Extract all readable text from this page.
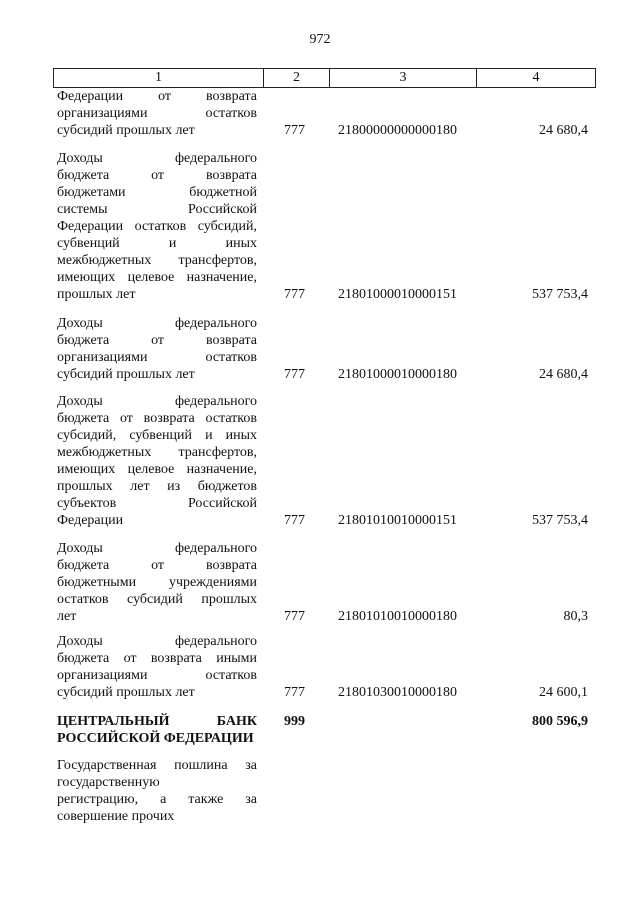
972
1	2	3	4
Федерации от возврата
организациями остатков
субсидий прошлых лет	777 21800000000000180	24 680,4
Доходы федерального
бюджета от возврата
бюджетами бюджетной
системы Российской
Федерации остатков субсидий,
субвенций и иных
межбюджетных трансфертов,
имеющих целевое назначение,
прошлых лет	777 21801000010000151	537 753,4
Доходы федерального
бюджета от возврата
организациями остатков
субсидий прошлых лет	777 21801000010000180	24 680,4
Доходы федерального
бюджета от возврата остатков
субсидий, субвенций и иных
межбюджетных трансфертов,
имеющих целевое назначение,
прошлых лет из бюджетов
субъектов Российской
Федерации	777 21801010010000151	537 753,4
Доходы федерального
бюджета от возврата
бюджетными учреждениями
остатков субсидий прошлых
лет	777 21801010010000180	80,3
Доходы федерального
бюджета от возврата иными
организациями остатков
субсидий прошлых лет	777 21801030010000180	24 600,1
ЦЕНТРАЛЬНЫЙ БАНК
РОССИЙСКОЙ ФЕДЕРАЦИИ
999	800 596,9
Государственная пошлина за
государственную
регистрацию, а также за
совершение прочих
